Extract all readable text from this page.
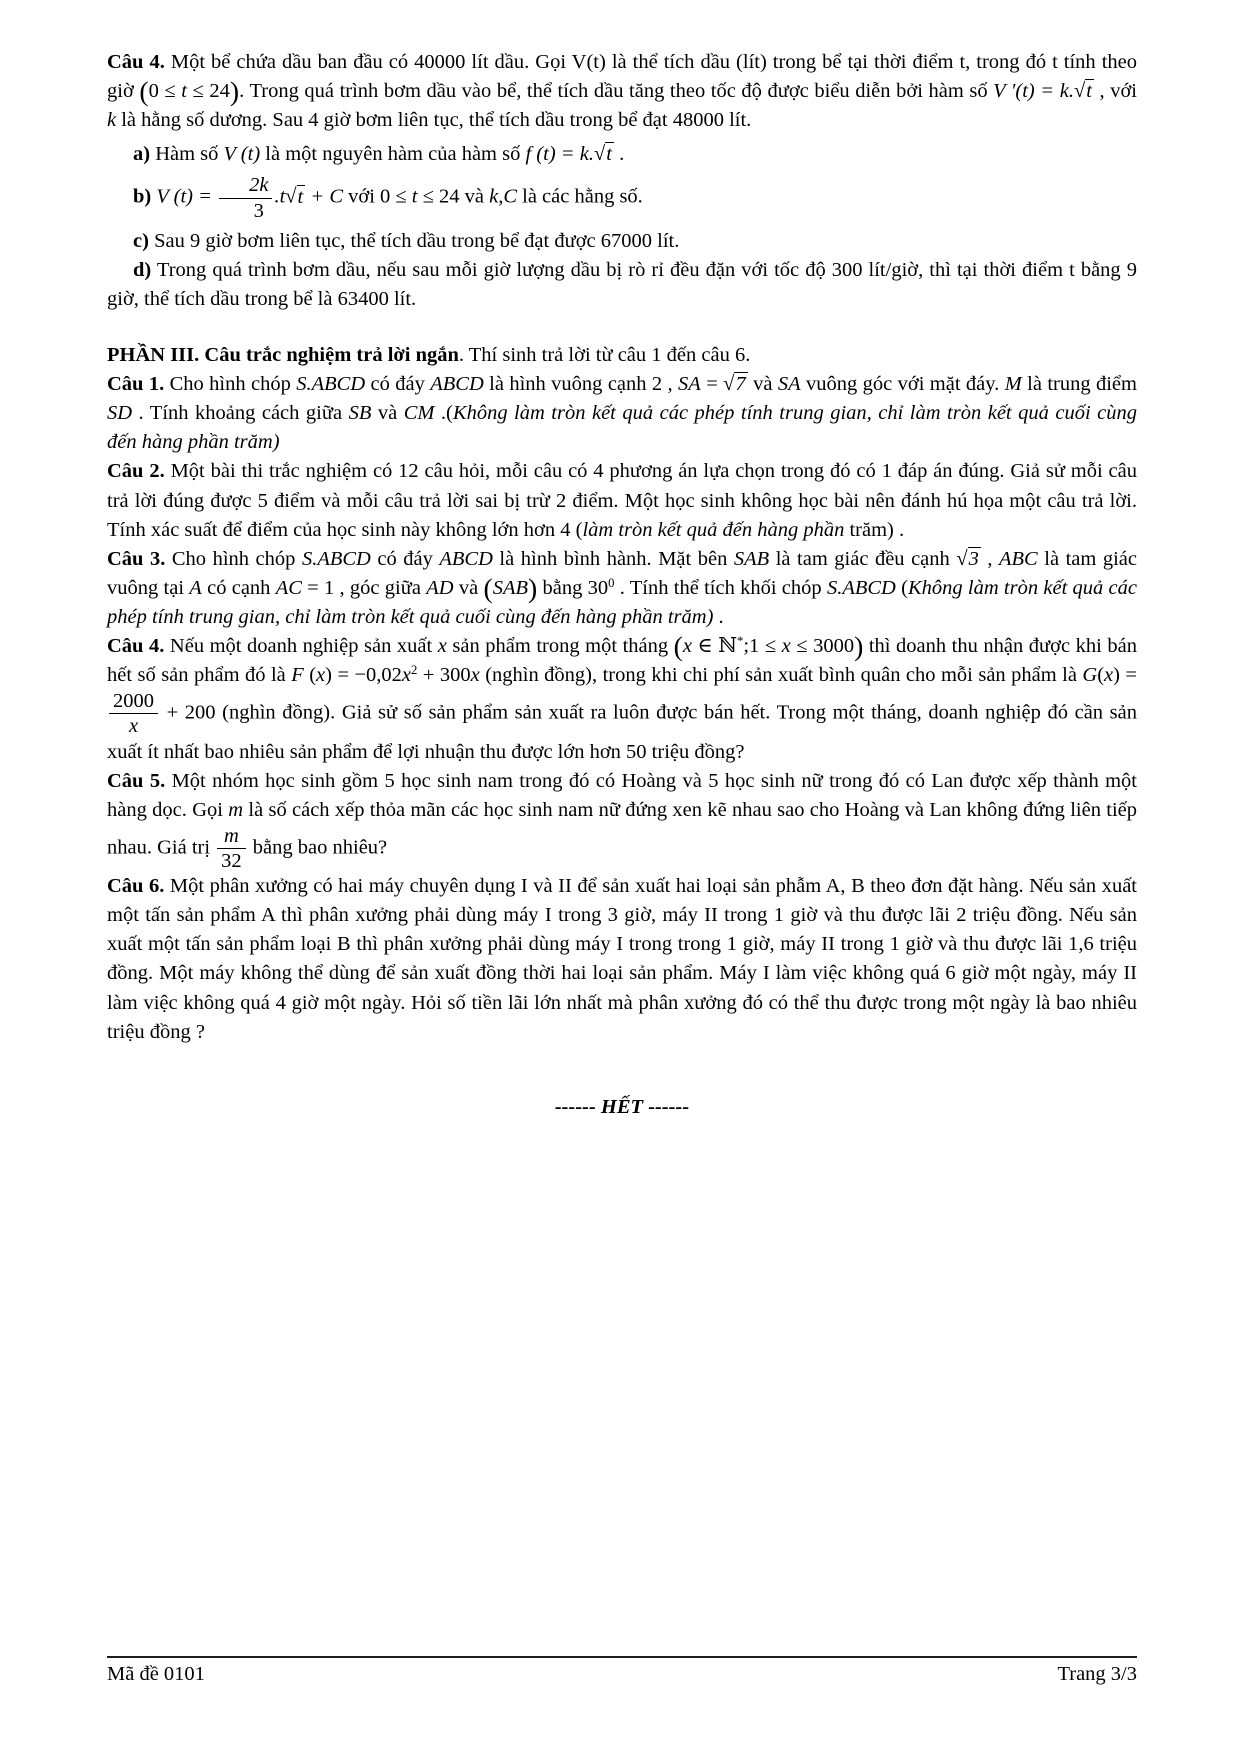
Câu 4. Một bể chứa dầu ban đầu có 40000 lít dầu. Gọi V(t) là thể tích dầu (lít) trong bể tại thời điểm t, trong đó t tính theo giờ (0 ≤ t ≤ 24). Trong quá trình bơm dầu vào bể, thể tích dầu tăng theo tốc độ được biểu diễn bởi hàm số V ′(t) = k.√t , với k là hằng số dương. Sau 4 giờ bơm liên tục, thể tích dầu trong bể đạt 48000 lít.

a) Hàm số V (t) là một nguyên hàm của hàm số f (t) = k.√t .

b) V $(t) = \frac{2k}{3} .t√t + C$ với 0 ≤ t ≤ 24 và k,C là các hằng số.

c) Sau 9 giờ bơm liên tục, thể tích dầu trong bể đạt được 67000 lít.

d) Trong quá trình bơm dầu, nếu sau mỗi giờ lượng dầu bị rò rỉ đều đặn với tốc độ 300 lít/giờ, thì tại thời điểm t bằng 9 giờ, thể tích dầu trong bể là 63400 lít.

PHẦN III. Câu trắc nghiệm trả lời ngắn. Thí sinh trả lời từ câu 1 đến câu 6.

Câu 1. Cho hình chóp S.ABCD có đáy ABCD là hình vuông cạnh 2 , SA = √7 và SA vuông góc với mặt đáy. M là trung điểm SD . Tính khoảng cách giữa SB và CM .(Không làm tròn kết quả các phép tính trung gian, chỉ làm tròn kết quả cuối cùng đến hàng phần trăm)

Câu 2. Một bài thi trắc nghiệm có 12 câu hỏi, mỗi câu có 4 phương án lựa chọn trong đó có 1 đáp án đúng. Giả sử mỗi câu trả lời đúng được 5 điểm và mỗi câu trả lời sai bị trừ 2 điểm. Một học sinh không học bài nên đánh hú họa một câu trả lời. Tính xác suất để điểm của học sinh này không lớn hơn 4 (làm tròn kết quả đến hàng phần trăm) .

Câu 3. Cho hình chóp S.ABCD có đáy ABCD là hình bình hành. Mặt bên SAB là tam giác đều cạnh √3 , ABC là tam giác vuông tại A có cạnh AC = 1 , góc giữa AD và (SAB) bằng $30^0$ . Tính thể tích khối chóp S.ABCD (Không làm tròn kết quả các phép tính trung gian, chỉ làm tròn kết quả cuối cùng đến hàng phần trăm) .

Câu 4. Nếu một doanh nghiệp sản xuất x sản phẩm trong một tháng (x ∈ ℕ*;1 ≤ x ≤ 3000) thì doanh thu nhận được khi bán hết số sản phẩm đó là F $(x) = -0,02x^2 + 300x$ (nghìn đồng), trong khi chi phí sản xuất bình quân cho mỗi sản phẩm là G(x) =
$\frac{2000}{x} + 200$ (nghìn đồng). Giả sử số sản phẩm sản xuất ra luôn được bán hết. Trong một tháng, doanh nghiệp đó cần sản xuất ít nhất bao nhiêu sản phẩm để lợi nhuận thu được lớn hơn 50 triệu đồng?

Câu 5. Một nhóm học sinh gồm 5 học sinh nam trong đó có Hoàng và 5 học sinh nữ trong đó có Lan được xếp thành một hàng dọc. Gọi m là số cách xếp thỏa mãn các học sinh nam nữ đứng xen kẽ nhau sao cho Hoàng và Lan không đứng liên tiếp nhau. Giá trị $\frac{m}{32}$ bằng bao nhiêu?

Câu 6. Một phân xưởng có hai máy chuyên dụng I và II để sản xuất hai loại sản phẫm A, B theo đơn đặt hàng. Nếu sản xuất một tấn sản phẩm A thì phân xưởng phải dùng máy I trong 3 giờ, máy II trong 1 giờ và thu được lãi 2 triệu đồng. Nếu sản xuất một tấn sản phẩm loại B thì phân xưởng phải dùng máy I trong trong 1 giờ, máy II trong 1 giờ và thu được lãi 1,6 triệu đồng. Một máy không thể dùng để sản xuất đồng thời hai loại sản phẩm. Máy I làm việc không quá 6 giờ một ngày, máy II làm việc không quá 4 giờ một ngày. Hỏi số tiền lãi lớn nhất mà phân xưởng đó có thể thu được trong một ngày là bao nhiêu triệu đồng ?

------ HẾT ------

Mã đề 0101	Trang 3/3
